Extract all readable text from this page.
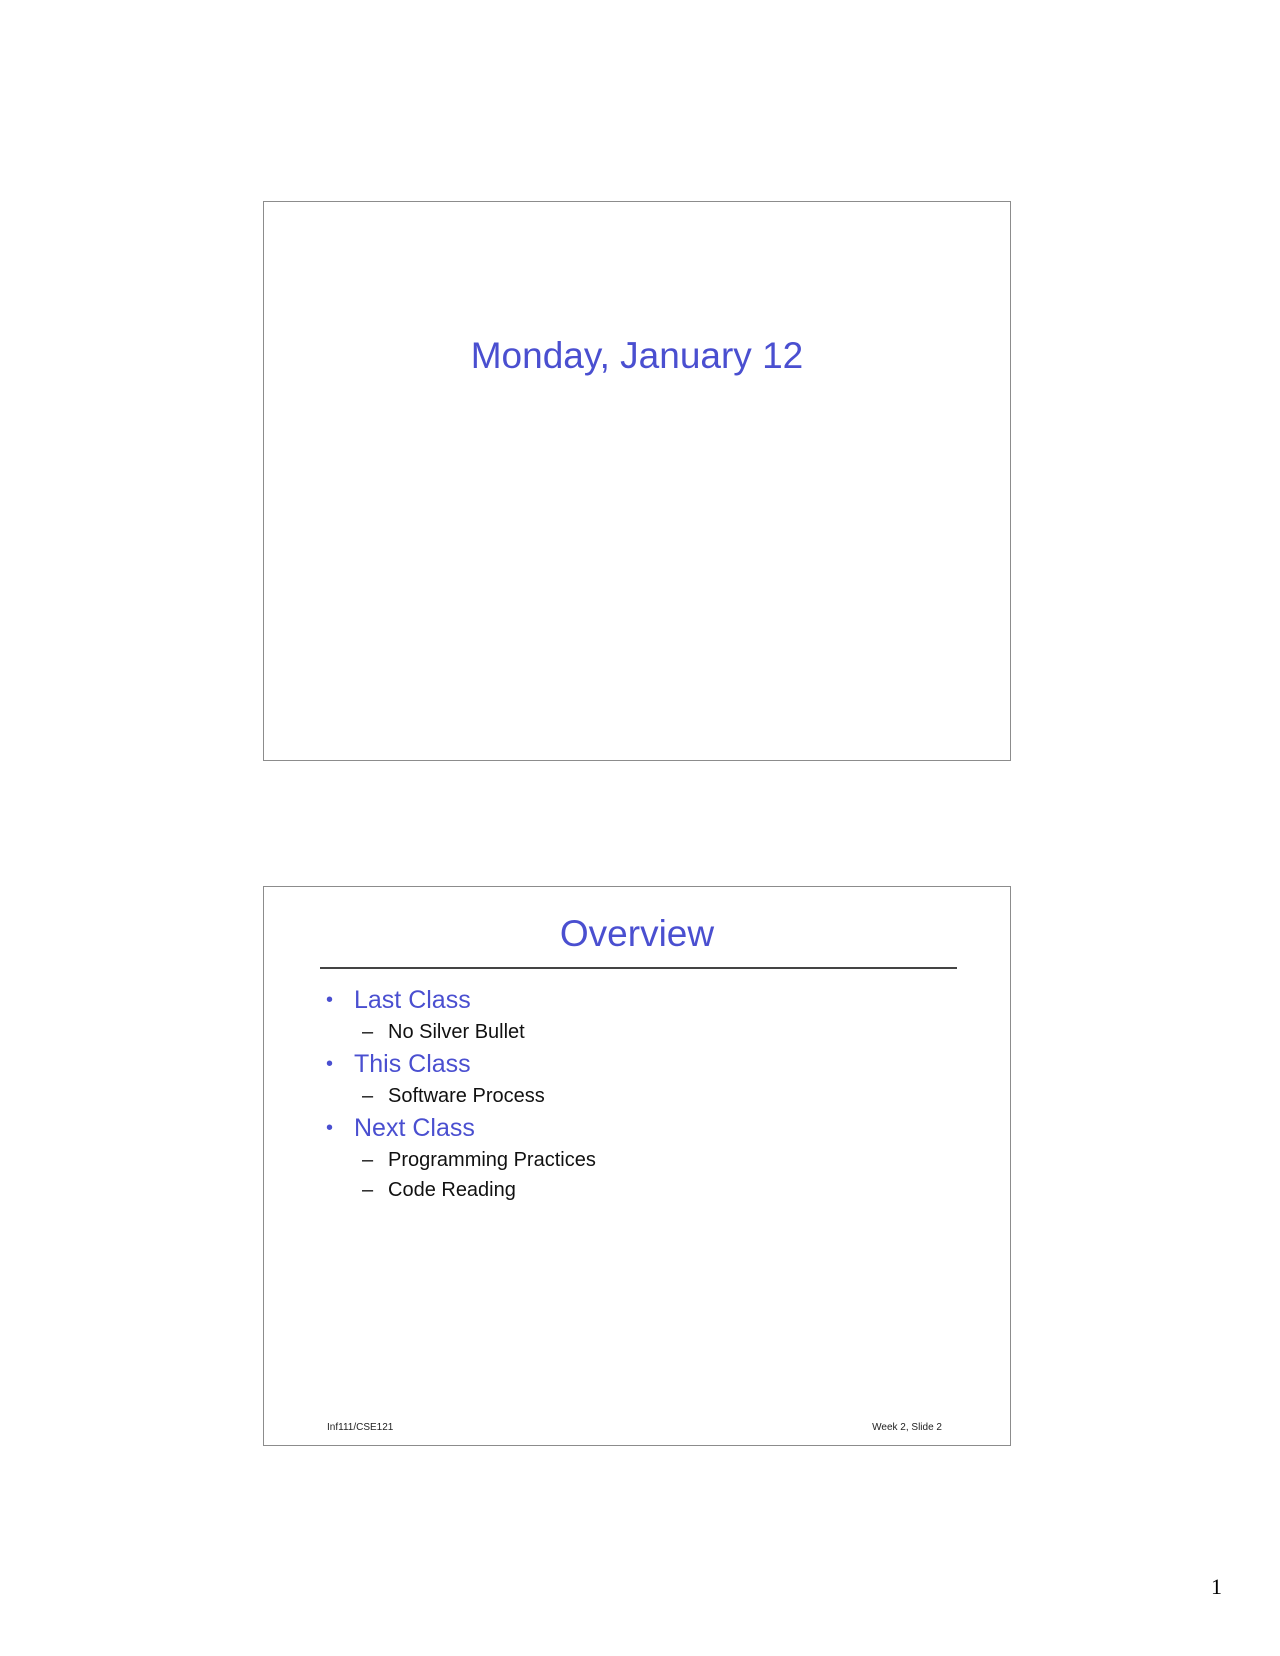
Monday, January 12
Overview
• Last Class
– No Silver Bullet
• This Class
– Software Process
• Next Class
– Programming Practices
– Code Reading
Inf111/CSE121	Week 2, Slide 2
1
